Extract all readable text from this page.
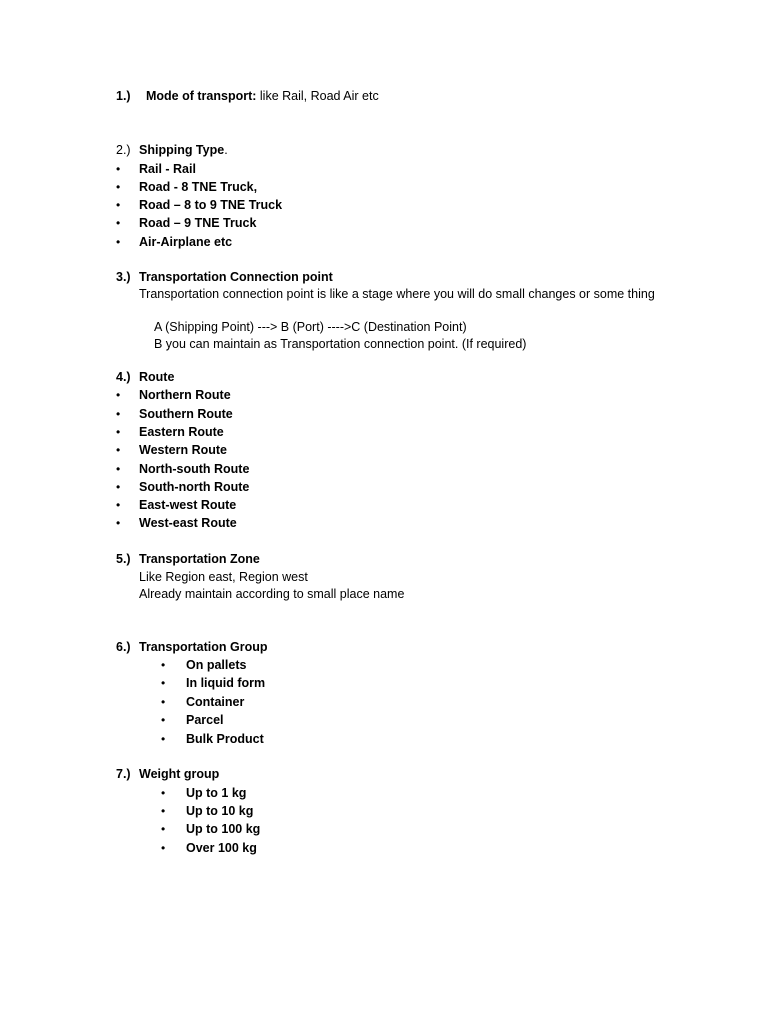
1.) Mode of transport: like Rail, Road Air etc
2.) Shipping Type.
• Rail - Rail
• Road - 8 TNE Truck,
• Road – 8 to 9 TNE Truck
• Road – 9 TNE Truck
• Air-Airplane etc
3.) Transportation Connection point
Transportation connection point is like a stage where you will do small changes or some thing
A (Shipping Point) ---> B (Port) ---->C (Destination Point)
B you can maintain as Transportation connection point. (If required)
4.) Route
• Northern Route
• Southern Route
• Eastern Route
• Western Route
• North-south Route
• South-north Route
• East-west Route
• West-east Route
5.) Transportation Zone
Like Region east, Region west
Already maintain according to small place name
6.) Transportation Group
• On pallets
• In liquid form
• Container
• Parcel
• Bulk Product
7.) Weight group
• Up to 1 kg
• Up to 10 kg
• Up to 100 kg
• Over 100 kg
